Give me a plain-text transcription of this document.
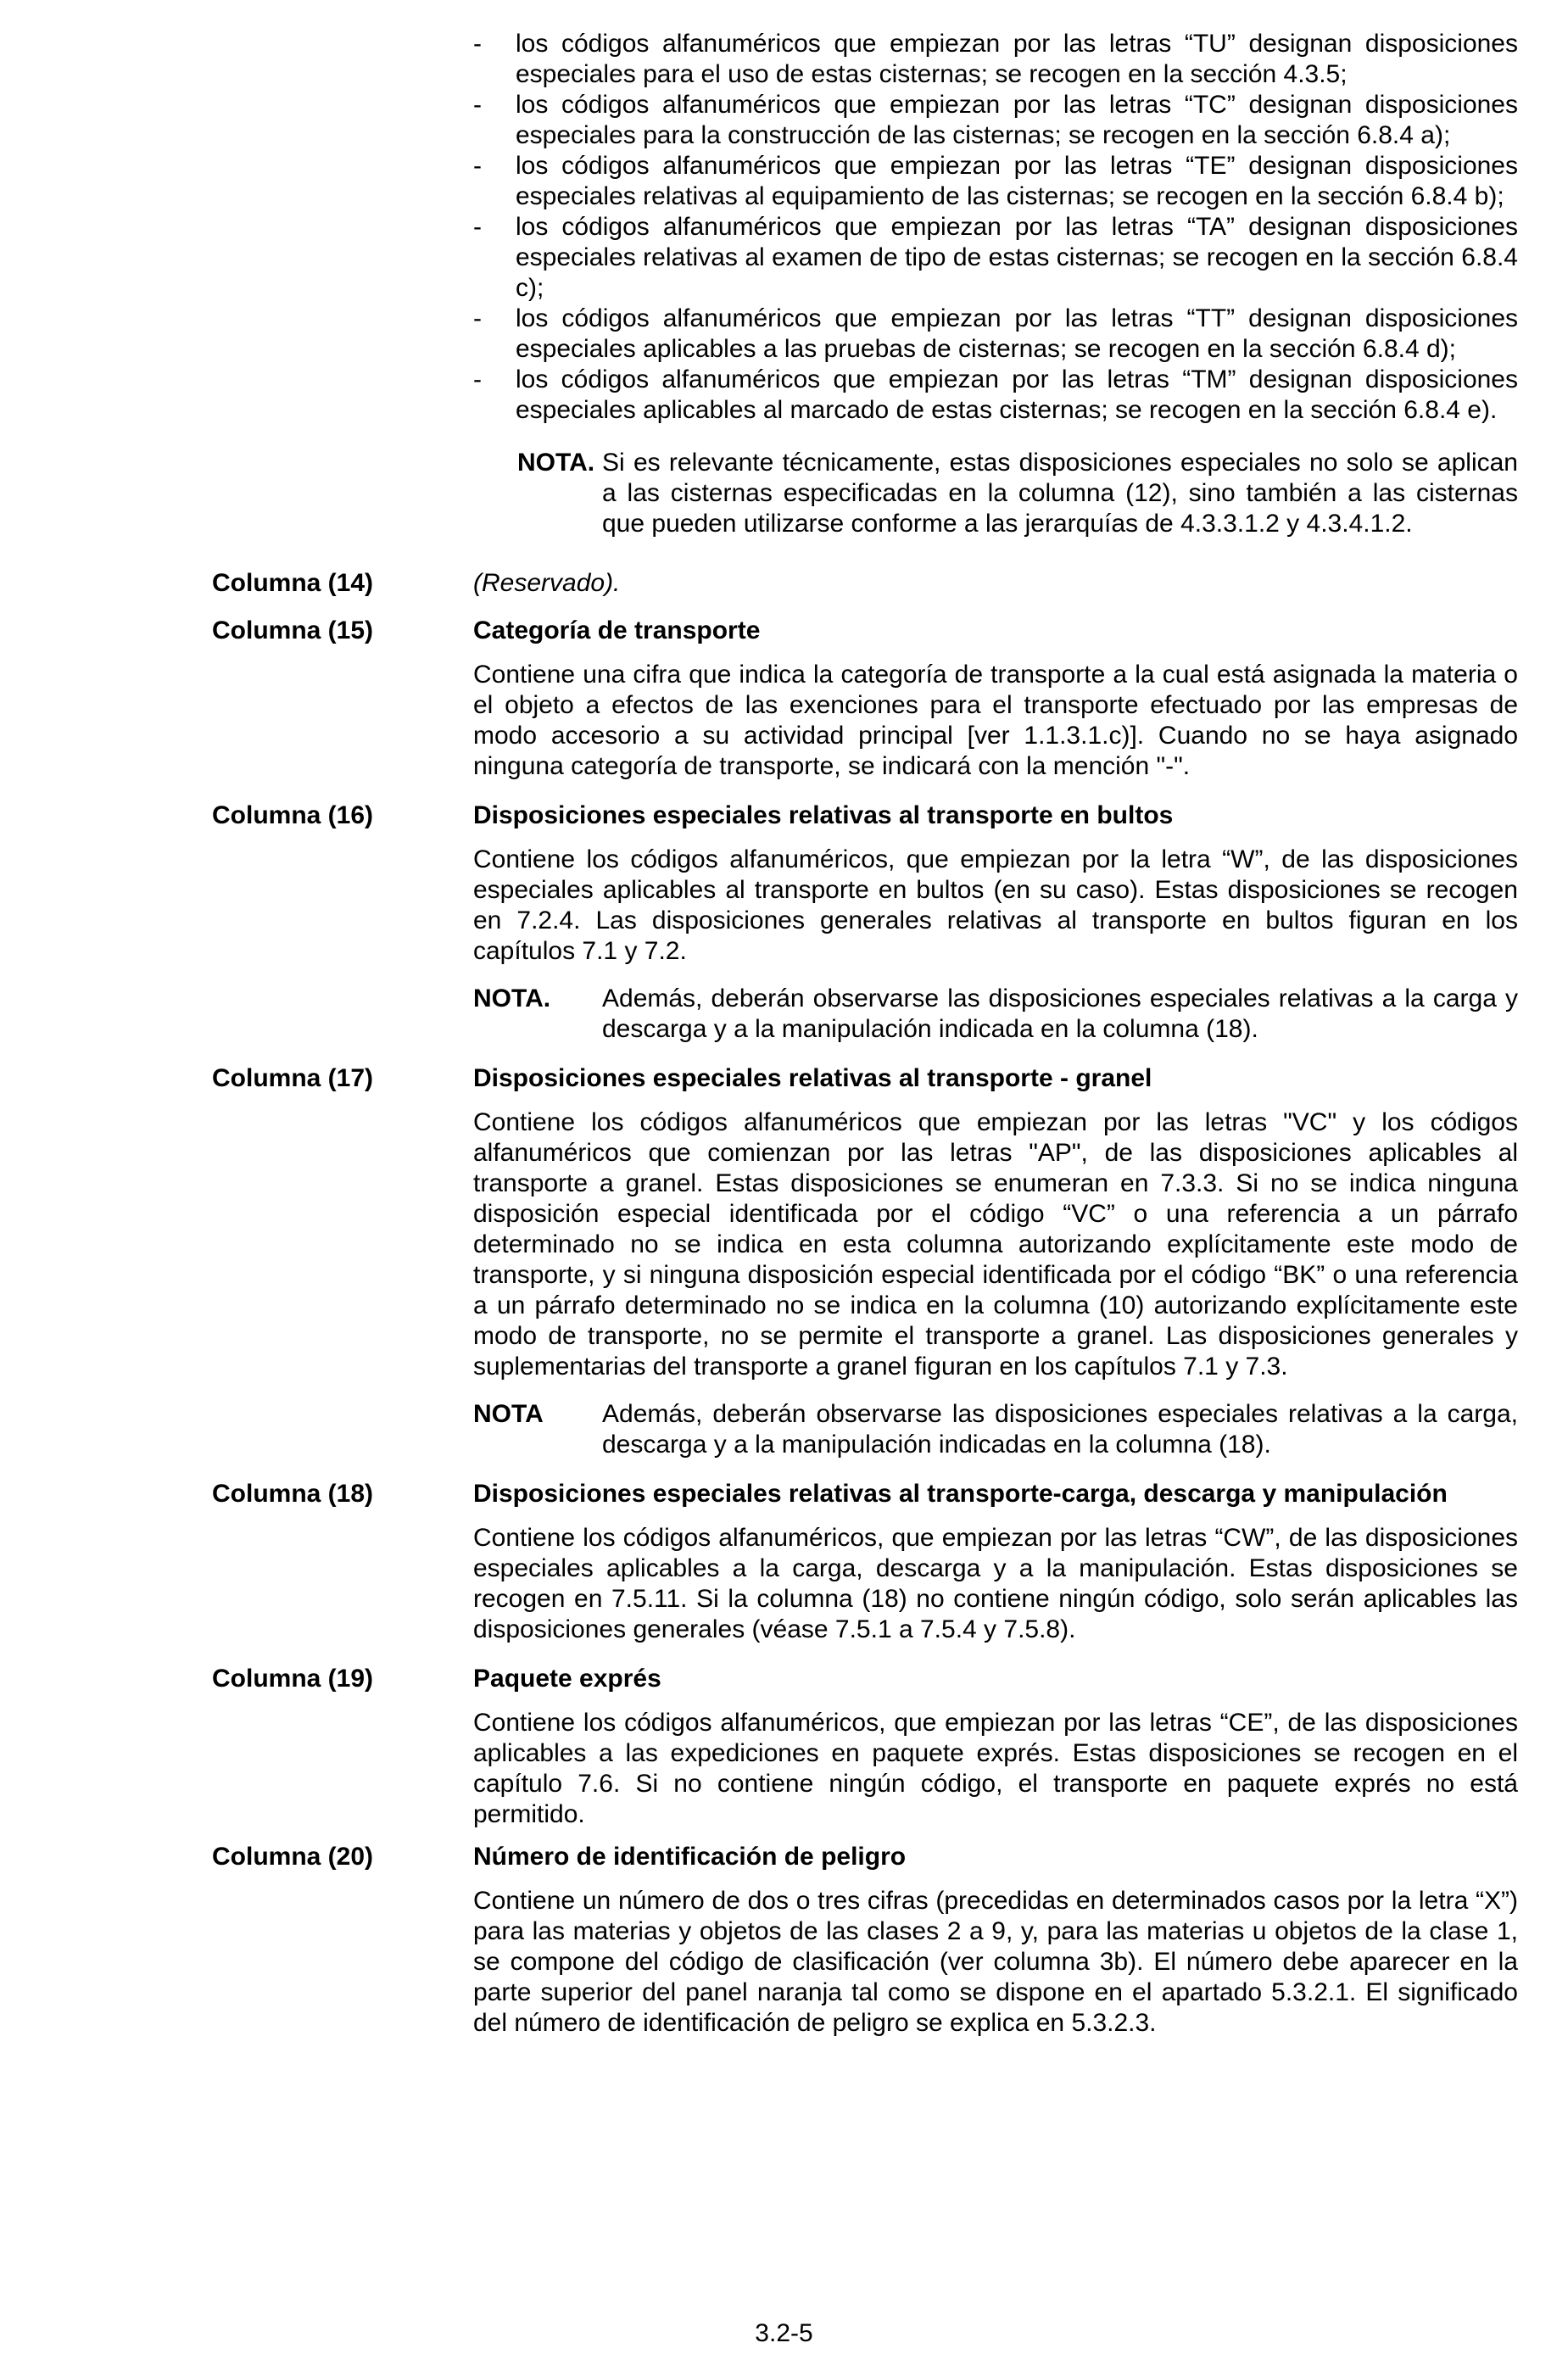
-	los códigos alfanuméricos que empiezan por las letras “TU” designan disposiciones especiales para el uso de estas cisternas; se recogen en la sección 4.3.5;
-	los códigos alfanuméricos que empiezan por las letras “TC” designan disposiciones especiales para la construcción de las cisternas; se recogen en la sección 6.8.4 a);
-	los códigos alfanuméricos que empiezan por las letras “TE” designan disposiciones especiales relativas al equipamiento de las cisternas; se recogen en la sección 6.8.4 b);
-	los códigos alfanuméricos que empiezan por las letras “TA” designan disposiciones especiales relativas al examen de tipo de estas cisternas; se recogen en la sección 6.8.4 c);
-	los códigos alfanuméricos que empiezan por las letras “TT” designan disposiciones especiales aplicables a las pruebas de cisternas; se recogen en la sección 6.8.4 d);
-	los códigos alfanuméricos que empiezan por las letras “TM” designan disposiciones especiales aplicables al marcado de estas cisternas; se recogen en la sección 6.8.4 e).
NOTA. Si es relevante técnicamente, estas disposiciones especiales no solo se aplican a las cisternas especificadas en la columna (12), sino también a las cisternas que pueden utilizarse conforme a las jerarquías de 4.3.3.1.2 y 4.3.4.1.2.
Columna (14)	(Reservado).
Columna (15)	Categoría de transporte

Contiene una cifra que indica la categoría de transporte a la cual está asignada la materia o el objeto a efectos de las exenciones para el transporte efectuado por las empresas de modo accesorio a su actividad principal [ver 1.1.3.1.c)]. Cuando no se haya asignado ninguna categoría de transporte, se indicará con la mención "-".

Columna (16)	Disposiciones especiales relativas al transporte en bultos

Contiene los códigos alfanuméricos, que empiezan por la letra “W”, de las disposiciones especiales aplicables al transporte en bultos (en su caso). Estas disposiciones se recogen en 7.2.4. Las disposiciones generales relativas al transporte en bultos figuran en los capítulos 7.1 y 7.2.

NOTA.	Además, deberán observarse las disposiciones especiales relativas a la carga y descarga y a la manipulación indicada en la columna (18).
Columna (17)	Disposiciones especiales relativas al transporte - granel

Contiene los códigos alfanuméricos que empiezan por las letras "VC" y los códigos alfanuméricos que comienzan por las letras "AP", de las disposiciones aplicables al transporte a granel. Estas disposiciones se enumeran en 7.3.3. Si no se indica ninguna disposición especial identificada por el código “VC” o una referencia a un párrafo determinado no se indica en esta columna autorizando explícitamente este modo de transporte, y si ninguna disposición especial identificada por el código “BK” o una referencia a un párrafo determinado no se indica en la columna (10) autorizando explícitamente este modo de transporte, no se permite el transporte a granel. Las disposiciones generales y suplementarias del transporte a granel figuran en los capítulos 7.1 y 7.3.

NOTA	Además, deberán observarse las disposiciones especiales relativas a la carga, descarga y a la manipulación indicadas en la columna (18).
Columna (18)	Disposiciones especiales relativas al transporte-carga, descarga y manipulación

Contiene los códigos alfanuméricos, que empiezan por las letras “CW”, de las disposiciones especiales aplicables a la carga, descarga y a la manipulación. Estas disposiciones se recogen en 7.5.11. Si la columna (18) no contiene ningún código, solo serán aplicables las disposiciones generales (véase 7.5.1 a 7.5.4 y 7.5.8).

Columna (19)	Paquete exprés

Contiene los códigos alfanuméricos, que empiezan por las letras “CE”, de las disposiciones aplicables a las expediciones en paquete exprés. Estas disposiciones se recogen en el capítulo 7.6. Si no contiene ningún código, el transporte en paquete exprés no está permitido.

Columna (20)	Número de identificación de peligro

Contiene un número de dos o tres cifras (precedidas en determinados casos por la letra “X”) para las materias y objetos de las clases 2 a 9, y, para las materias u objetos de la clase 1, se compone del código de clasificación (ver columna 3b). El número debe aparecer en la parte superior del panel naranja tal como se dispone en el apartado 5.3.2.1. El significado del número de identificación de peligro se explica en 5.3.2.3.

3.2-5
